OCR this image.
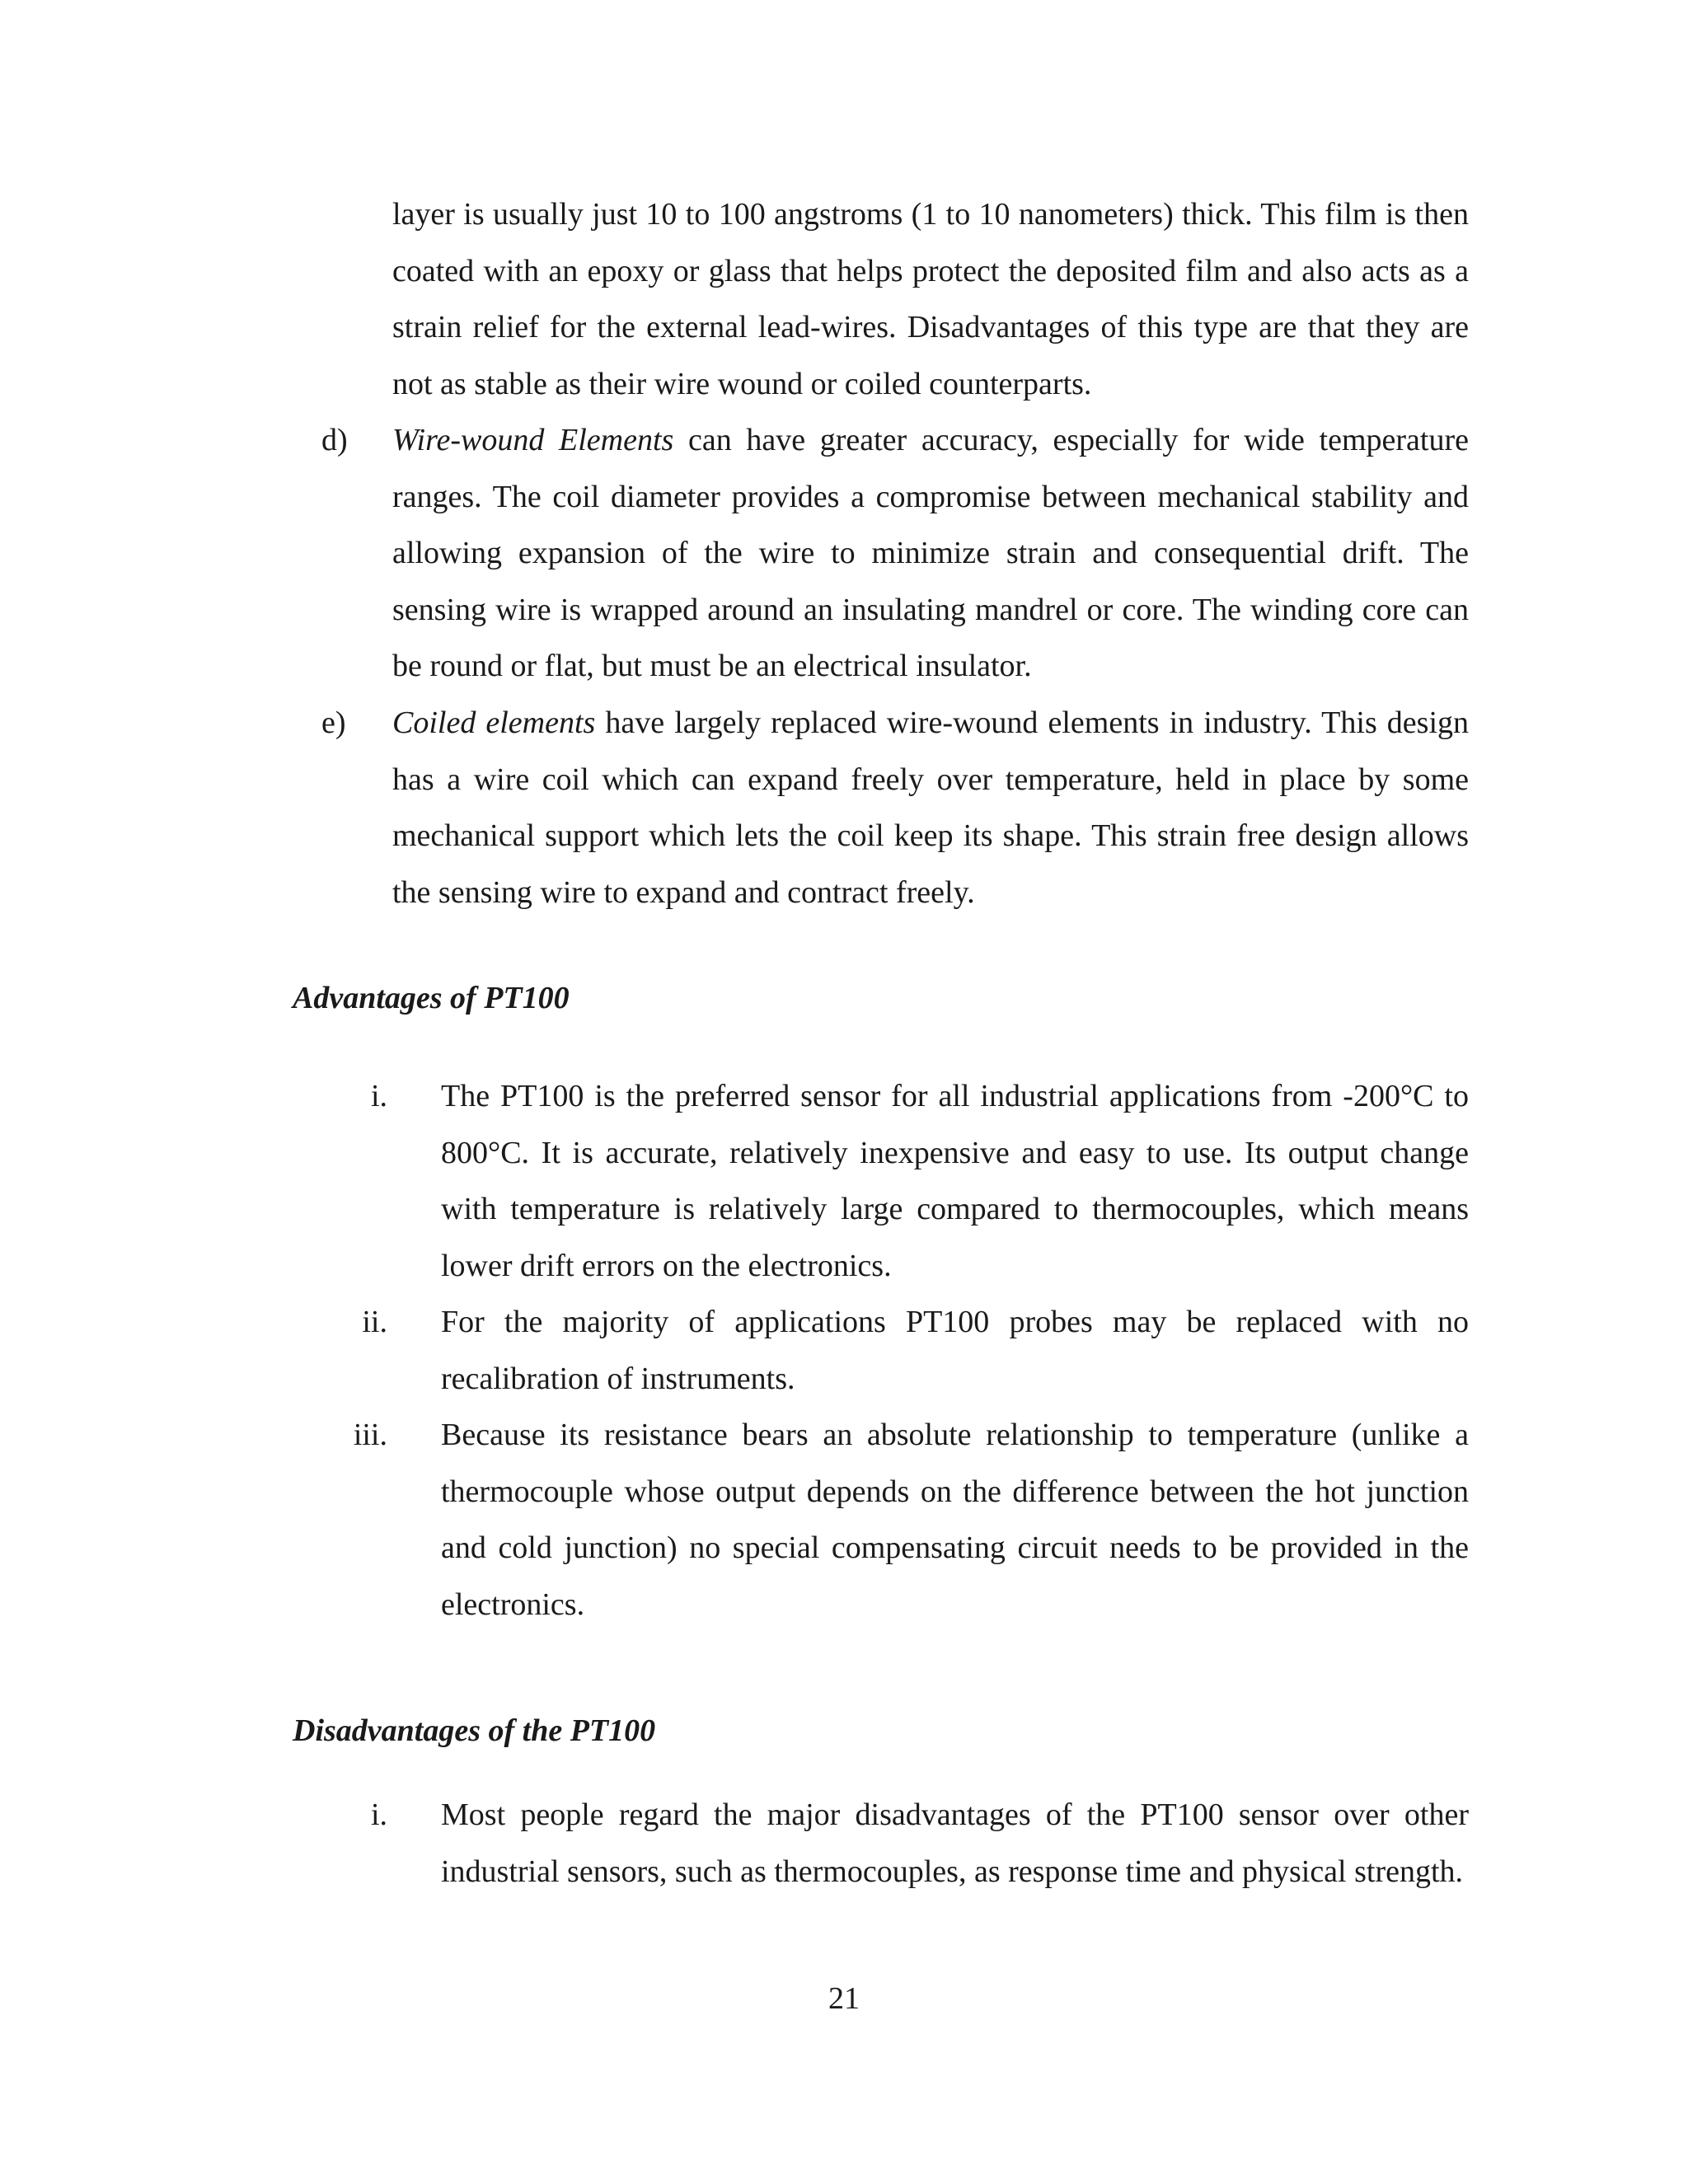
layer is usually just 10 to 100 angstroms (1 to 10 nanometers) thick. This film is then coated with an epoxy or glass that helps protect the deposited film and also acts as a strain relief for the external lead-wires. Disadvantages of this type are that they are not as stable as their wire wound or coiled counterparts.
d)	Wire-wound Elements can have greater accuracy, especially for wide temperature ranges. The coil diameter provides a compromise between mechanical stability and allowing expansion of the wire to minimize strain and consequential drift. The sensing wire is wrapped around an insulating mandrel or core. The winding core can be round or flat, but must be an electrical insulator.
e)	Coiled elements have largely replaced wire-wound elements in industry. This design has a wire coil which can expand freely over temperature, held in place by some mechanical support which lets the coil keep its shape. This strain free design allows the sensing wire to expand and contract freely.
Advantages of PT100
i. The PT100 is the preferred sensor for all industrial applications from -200°C to 800°C. It is accurate, relatively inexpensive and easy to use. Its output change with temperature is relatively large compared to thermocouples, which means lower drift errors on the electronics.
ii. For the majority of applications PT100 probes may be replaced with no recalibration of instruments.
iii. Because its resistance bears an absolute relationship to temperature (unlike a thermocouple whose output depends on the difference between the hot junction and cold junction) no special compensating circuit needs to be provided in the electronics.
Disadvantages of the PT100
i. Most people regard the major disadvantages of the PT100 sensor over other industrial sensors, such as thermocouples, as response time and physical strength.
21
